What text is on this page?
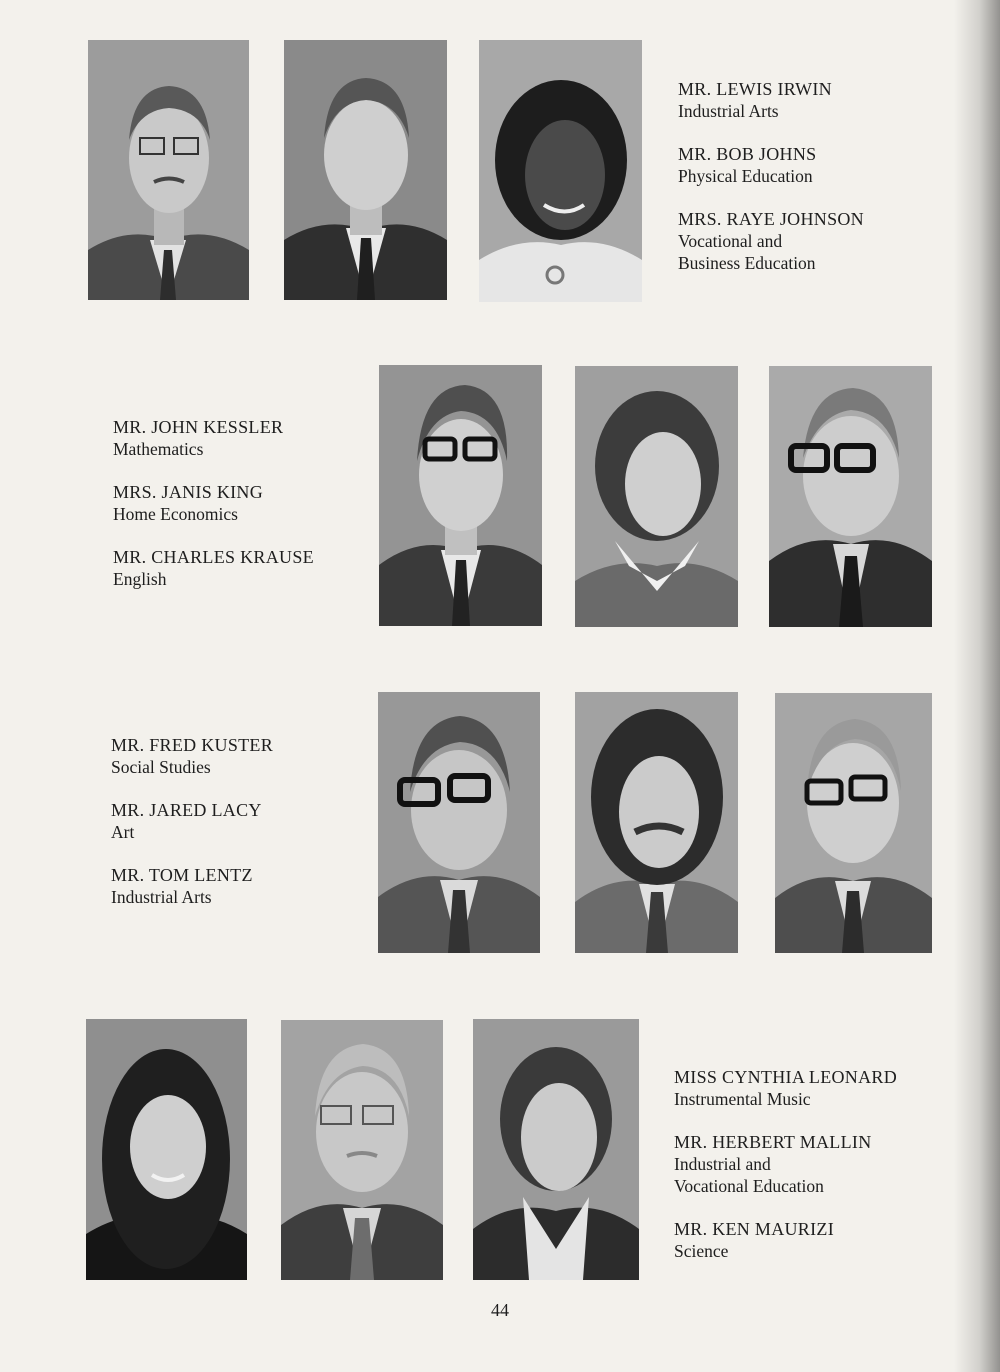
MR. LEWIS IRWIN
Industrial Arts
MR. BOB JOHNS
Physical Education
MRS. RAYE JOHNSON
Vocational and
Business Education
MR. JOHN KESSLER
Mathematics
MRS. JANIS KING
Home Economics
MR. CHARLES KRAUSE
English
MR. FRED KUSTER
Social Studies
MR. JARED LACY
Art
MR. TOM LENTZ
Industrial Arts
MISS CYNTHIA LEONARD
Instrumental Music
MR. HERBERT MALLIN
Industrial and
Vocational Education
MR. KEN MAURIZI
Science
44
